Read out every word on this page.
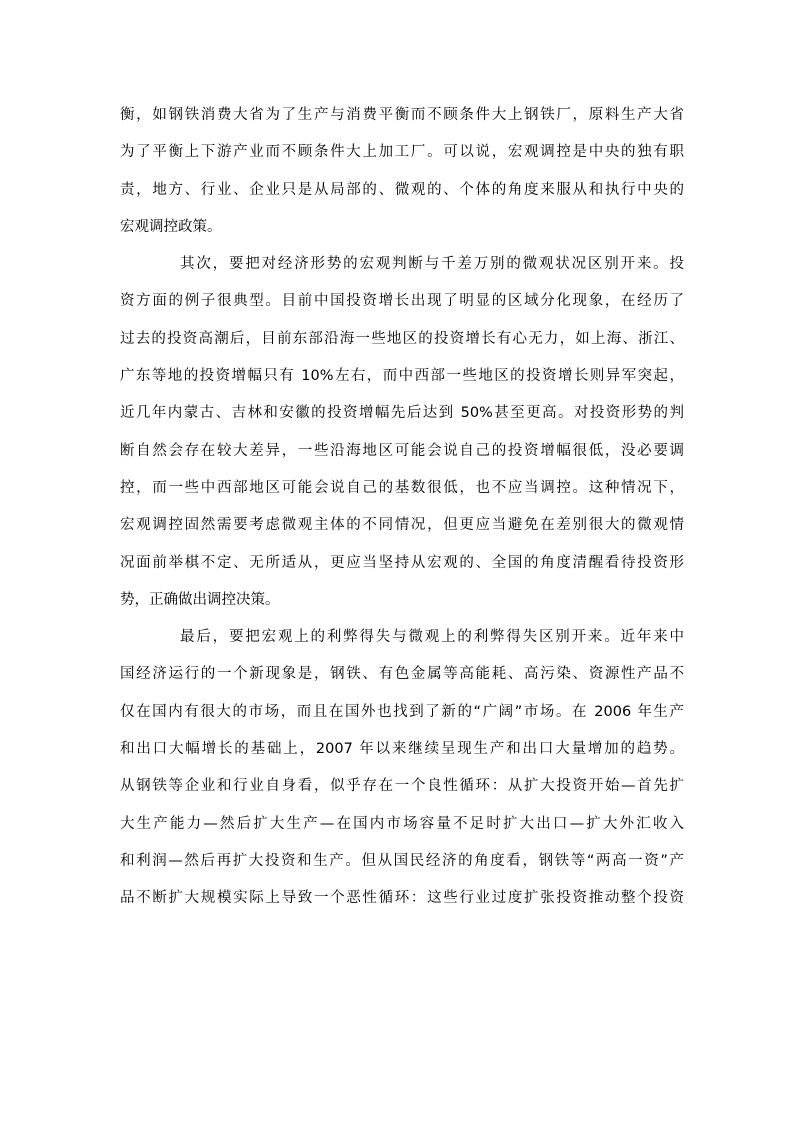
衡，如钢铁消费大省为了生产与消费平衡而不顾条件大上钢铁厂，原料生产大省
为了平衡上下游产业而不顾条件大上加工厂。可以说，宏观调控是中央的独有职
责，地方、行业、企业只是从局部的、微观的、个体的角度来服从和执行中央的
宏观调控政策。
其次，要把对经济形势的宏观判断与千差万别的微观状况区别开来。投
资方面的例子很典型。目前中国投资增长出现了明显的区域分化现象，在经历了
过去的投资高潮后，目前东部沿海一些地区的投资增长有心无力，如上海、浙江、
广东等地的投资增幅只有 10%左右，而中西部一些地区的投资增长则异军突起，
近几年内蒙古、吉林和安徽的投资增幅先后达到 50%甚至更高。对投资形势的判
断自然会存在较大差异，一些沿海地区可能会说自己的投资增幅很低，没必要调
控，而一些中西部地区可能会说自己的基数很低，也不应当调控。这种情况下，
宏观调控固然需要考虑微观主体的不同情况，但更应当避免在差别很大的微观情
况面前举棋不定、无所适从，更应当坚持从宏观的、全国的角度清醒看待投资形
势，正确做出调控决策。
最后，要把宏观上的利弊得失与微观上的利弊得失区别开来。近年来中
国经济运行的一个新现象是，钢铁、有色金属等高能耗、高污染、资源性产品不
仅在国内有很大的市场，而且在国外也找到了新的“广阔”市场。在 2006 年生产
和出口大幅增长的基础上，2007 年以来继续呈现生产和出口大量增加的趋势。
从钢铁等企业和行业自身看，似乎存在一个良性循环：从扩大投资开始—首先扩
大生产能力—然后扩大生产—在国内市场容量不足时扩大出口—扩大外汇收入
和利润—然后再扩大投资和生产。但从国民经济的角度看，钢铁等“两高一资”产
品不断扩大规模实际上导致一个恶性循环：这些行业过度扩张投资推动整个投资
